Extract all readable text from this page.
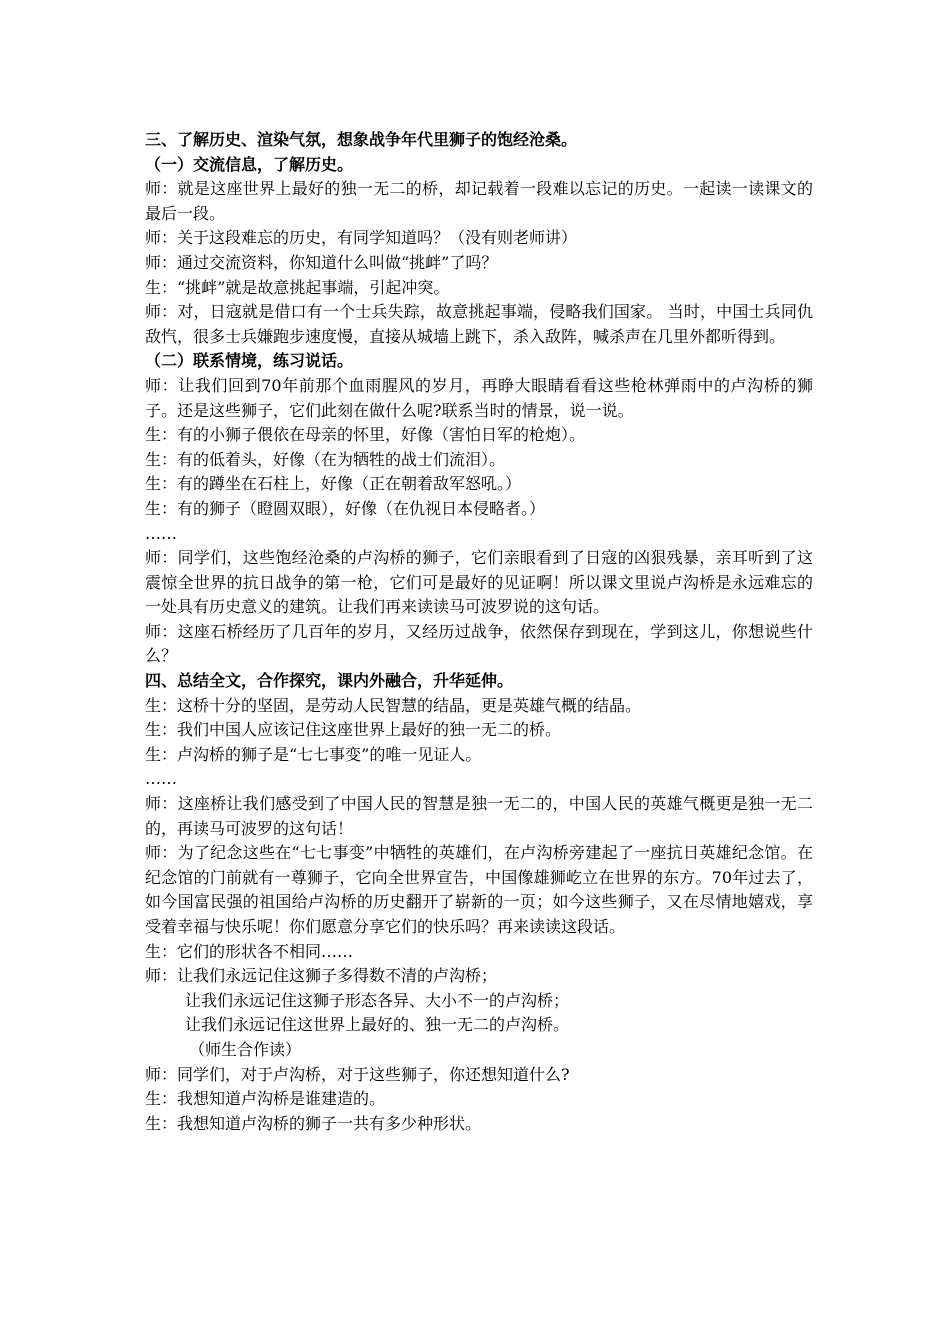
三、了解历史、渲染气氛，想象战争年代里狮子的饱经沧桑。
（一）交流信息，了解历史。
师：就是这座世界上最好的独一无二的桥，却记载着一段难以忘记的历史。一起读一读课文的最后一段。
师：关于这段难忘的历史，有同学知道吗？（没有则老师讲）
师：通过交流资料，你知道什么叫做“挑衅”了吗？
生：“挑衅”就是故意挑起事端，引起冲突。
师：对，日寇就是借口有一个士兵失踪，故意挑起事端，侵略我们国家。 当时，中国士兵同仇敌忾，很多士兵嫌跑步速度慢，直接从城墙上跳下，杀入敌阵，喊杀声在几里外都听得到。
（二）联系情境，练习说话。
师：让我们回到70年前那个血雨腥风的岁月，再睁大眼睛看看这些枪林弹雨中的卢沟桥的狮子。还是这些狮子，它们此刻在做什么呢?联系当时的情景，说一说。
生：有的小狮子偎依在母亲的怀里，好像（害怕日军的枪炮）。
生：有的低着头，好像（在为牺牲的战士们流泪）。
生：有的蹲坐在石柱上，好像（正在朝着敌军怒吼。）
生：有的狮子（瞪圆双眼），好像（在仇视日本侵略者。）
……
师：同学们，这些饱经沧桑的卢沟桥的狮子，它们亲眼看到了日寇的凶狠残暴，亲耳听到了这震惊全世界的抗日战争的第一枪，它们可是最好的见证啊！所以课文里说卢沟桥是永远难忘的一处具有历史意义的建筑。让我们再来读读马可波罗说的这句话。
师：这座石桥经历了几百年的岁月，又经历过战争，依然保存到现在，学到这儿，你想说些什么？
四、总结全文，合作探究，课内外融合，升华延伸。
生：这桥十分的坚固，是劳动人民智慧的结晶，更是英雄气概的结晶。
生：我们中国人应该记住这座世界上最好的独一无二的桥。
生：卢沟桥的狮子是“七七事变”的唯一见证人。
……
师：这座桥让我们感受到了中国人民的智慧是独一无二的，中国人民的英雄气概更是独一无二的，再读马可波罗的这句话！
师：为了纪念这些在“七七事变”中牺牲的英雄们，在卢沟桥旁建起了一座抗日英雄纪念馆。在纪念馆的门前就有一尊狮子，它向全世界宣告，中国像雄狮屹立在世界的东方。70年过去了，如今国富民强的祖国给卢沟桥的历史翻开了崭新的一页；如今这些狮子，又在尽情地嬉戏，享受着幸福与快乐呢！你们愿意分享它们的快乐吗？再来读读这段话。
生：它们的形状各不相同……
师：让我们永远记住这狮子多得数不清的卢沟桥；
让我们永远记住这狮子形态各异、大小不一的卢沟桥；
让我们永远记住这世界上最好的、独一无二的卢沟桥。
（师生合作读）
师：同学们，对于卢沟桥，对于这些狮子，你还想知道什么?
生：我想知道卢沟桥是谁建造的。
生：我想知道卢沟桥的狮子一共有多少种形状。
